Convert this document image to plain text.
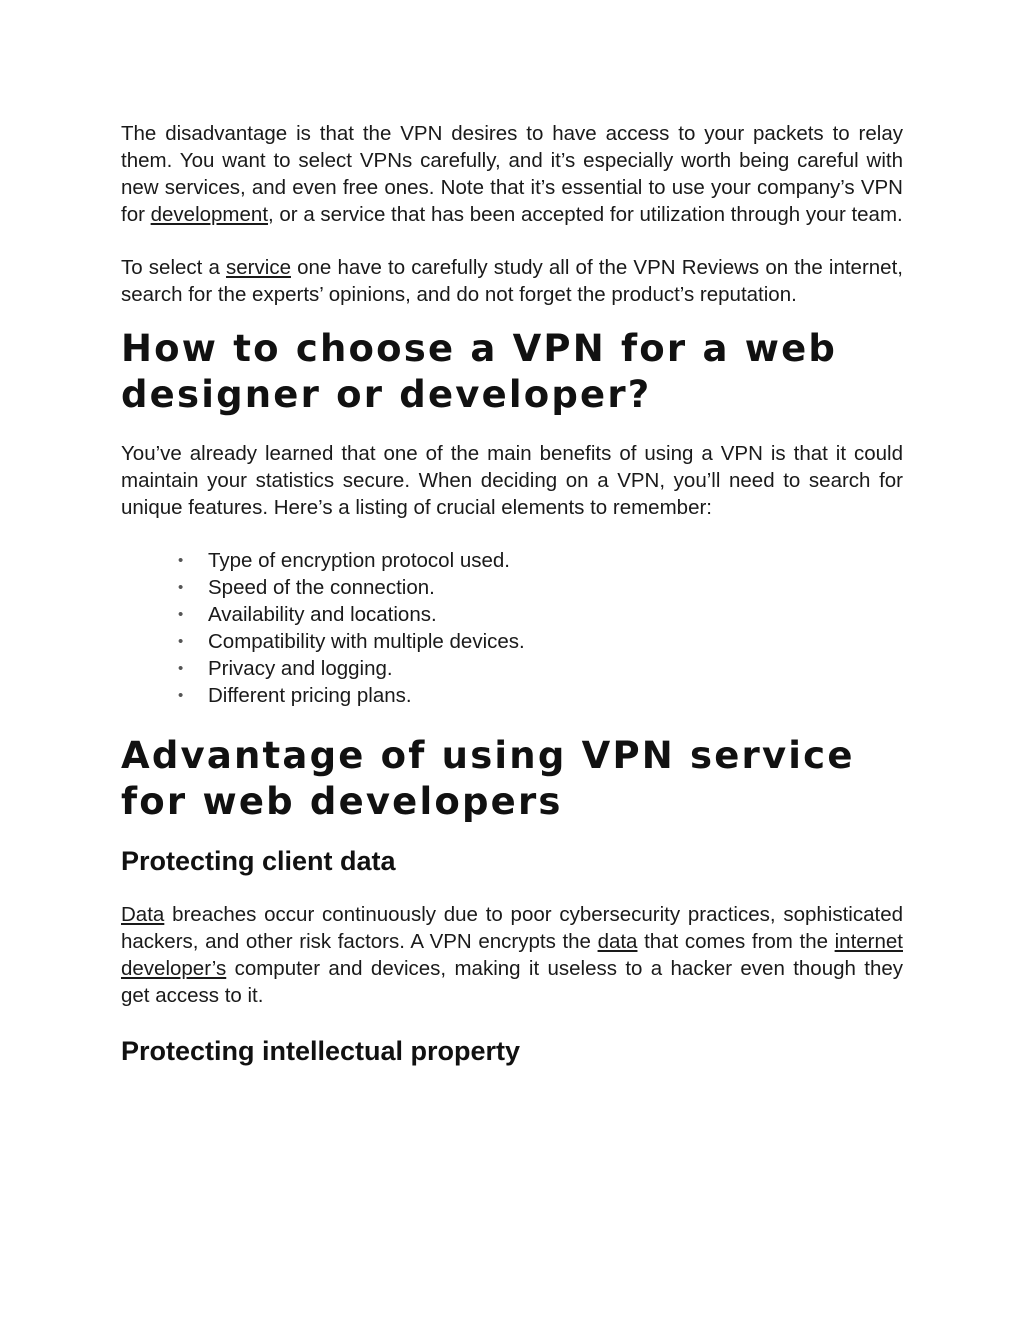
The disadvantage is that the VPN desires to have access to your packets to relay them. You want to select VPNs carefully, and it’s especially worth being careful with new services, and even free ones. Note that it’s essential to use your company’s VPN for development, or a service that has been accepted for utilization through your team.

To select a service one have to carefully study all of the VPN Reviews on the internet, search for the experts’ opinions, and do not forget the product’s reputation.

How to choose a VPN for a web designer or developer?

You’ve already learned that one of the main benefits of using a VPN is that it could maintain your statistics secure. When deciding on a VPN, you’ll need to search for unique features. Here’s a listing of crucial elements to remember:

• Type of encryption protocol used.
• Speed of the connection.
• Availability and locations.
• Compatibility with multiple devices.
• Privacy and logging.
• Different pricing plans.
Advantage of using VPN service for web developers
Protecting client data

Data breaches occur continuously due to poor cybersecurity practices, sophisticated hackers, and other risk factors. A VPN encrypts the data that comes from the internet developer’s computer and devices, making it useless to a hacker even though they get access to it.

Protecting intellectual property
